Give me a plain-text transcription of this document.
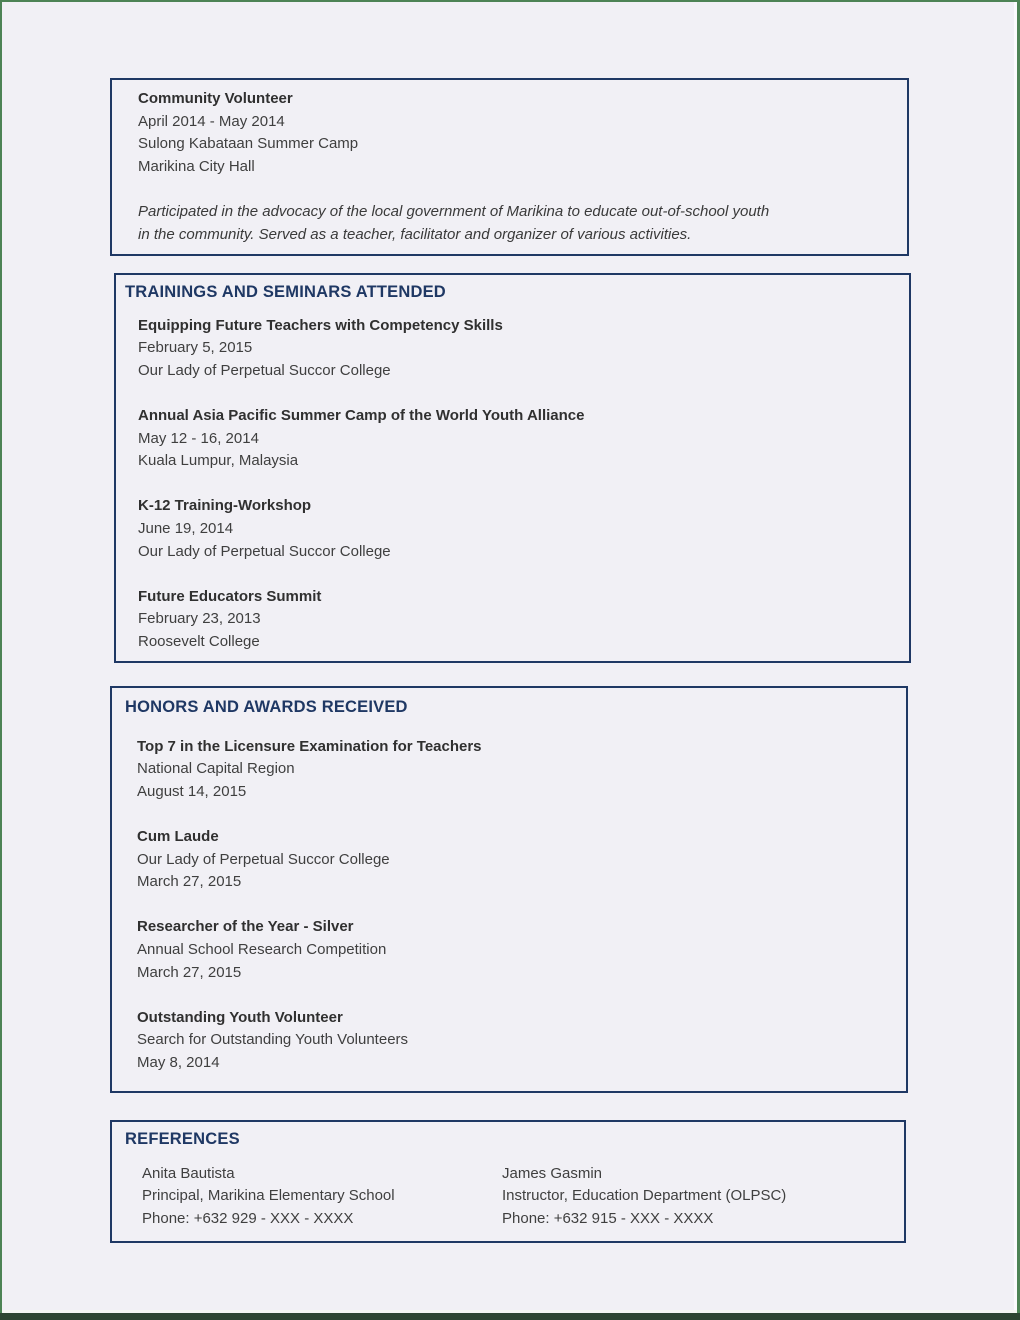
Community Volunteer
April 2014 - May 2014
Sulong Kabataan Summer Camp
Marikina City Hall
Participated in the advocacy of the local government of Marikina to educate out-of-school youth
in the community. Served as a teacher, facilitator and organizer of various activities.
TRAININGS AND SEMINARS ATTENDED
Equipping Future Teachers with Competency Skills
February 5, 2015
Our Lady of Perpetual Succor College
Annual Asia Pacific Summer Camp of the World Youth Alliance
May 12 - 16, 2014
Kuala Lumpur, Malaysia
K-12 Training-Workshop
June 19, 2014
Our Lady of Perpetual Succor College
Future Educators Summit
February 23, 2013
Roosevelt College
HONORS AND AWARDS RECEIVED
Top 7 in the Licensure Examination for Teachers
National Capital Region
August 14, 2015
Cum Laude
Our Lady of Perpetual Succor College
March 27, 2015
Researcher of the Year - Silver
Annual School Research Competition
March 27, 2015
Outstanding Youth Volunteer
Search for Outstanding Youth Volunteers
May 8, 2014
REFERENCES
Anita Bautista
Principal, Marikina Elementary School
Phone: +632 929 - XXX - XXXX
James Gasmin
Instructor, Education Department (OLPSC)
Phone: +632 915 - XXX - XXXX
